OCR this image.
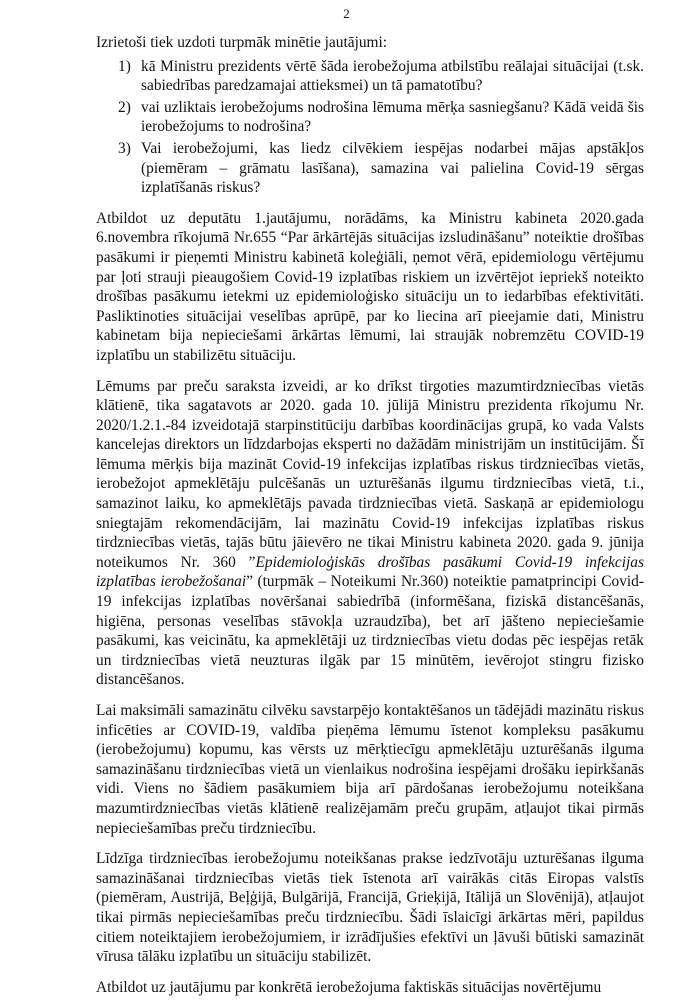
2

Izrietoši tiek uzdoti turpmāk minētie jautājumi:

1) kā Ministru prezidents vērtē šāda ierobežojuma atbilstību reālajai situācijai (t.sk. sabiedrības paredzamajai attieksmei) un tā pamatotību?
2) vai uzliktais ierobežojums nodrošina lēmuma mērķa sasniegšanu? Kādā veidā šis ierobežojums to nodrošina?
3) Vai ierobežojumi, kas liedz cilvēkiem iespējas nodarbei mājas apstākļos (piemēram – grāmatu lasīšana), samazina vai palielina Covid-19 sērgas izplatīšanās riskus?

Atbildot uz deputātu 1.jautājumu, norādāms, ka Ministru kabineta 2020.gada 6.novembra rīkojumā Nr.655 “Par ārkārtējās situācijas izsludināšanu” noteiktie drošības pasākumi ir pieņemti Ministru kabinetā koleģiāli, ņemot vērā, epidemiologu vērtējumu par ļoti strauji pieaugošiem Covid-19 izplatības riskiem un izvērtējot iepriekš noteikto drošības pasākumu ietekmi uz epidemioloģisko situāciju un to iedarbības efektivitāti. Pasliktinoties situācijai veselības aprūpē, par ko liecina arī pieejamie dati, Ministru kabinetam bija nepieciešami ārkārtas lēmumi, lai straujāk nobremzētu COVID-19 izplatību un stabilizētu situāciju.

Lēmums par preču saraksta izveidi, ar ko drīkst tirgoties mazumtirdzniecības vietās klātienē, tika sagatavots ar 2020. gada 10. jūlijā Ministru prezidenta rīkojumu Nr. 2020/1.2.1.-84 izveidotajā starpinstitūciju darbības koordinācijas grupā, ko vada Valsts kancelejas direktors un līdzdarbojas eksperti no dažādām ministrijām un institūcijām. Šī lēmuma mērķis bija mazināt Covid-19 infekcijas izplatības riskus tirdzniecības vietās, ierobežojot apmeklētāju pulcēšanās un uzturēšanās ilgumu tirdzniecības vietā, t.i., samazinot laiku, ko apmeklētājs pavada tirdzniecības vietā. Saskaņā ar epidemiologu sniegtajām rekomendācijām, lai mazinātu Covid-19 infekcijas izplatības riskus tirdzniecības vietās, tajās būtu jāievēro ne tikai Ministru kabineta 2020. gada 9. jūnija noteikumos Nr. 360 ”Epidemioloģiskās drošības pasākumi Covid-19 infekcijas izplatības ierobežošanai” (turpmāk – Noteikumi Nr.360) noteiktie pamatprincipi Covid-19 infekcijas izplatības novēršanai sabiedrībā (informēšana, fiziskā distancēšanās, higiēna, personas veselības stāvokļa uzraudzība), bet arī jāšteno nepieciešamie pasākumi, kas veicinātu, ka apmeklētāji uz tirdzniecības vietu dodas pēc iespējas retāk un tirdzniecības vietā neuzturas ilgāk par 15 minūtēm, ievērojot stingru fizisko distancēšanos.

Lai maksimāli samazinātu cilvēku savstarpējo kontaktēšanos un tādējādi mazinātu riskus inficēties ar COVID-19, valdība pieņēma lēmumu īstenot kompleksu pasākumu (ierobežojumu) kopumu, kas vērsts uz mērķtiecīgu apmeklētāju uzturēšanās ilguma samazināšanu tirdzniecības vietā un vienlaikus nodrošina iespējami drošāku iepirkšanās vidi. Viens no šādiem pasākumiem bija arī pārdošanas ierobežojumu noteikšana mazumtirdzniecības vietās klātienē realizējamām preču grupām, atļaujot tikai pirmās nepieciešamības preču tirdzniecību.

Līdzīga tirdzniecības ierobežojumu noteikšanas prakse iedzīvotāju uzturēšanas ilguma samazināšanai tirdzniecības vietās tiek īstenota arī vairākās citās Eiropas valstīs (piemēram, Austrijā, Beļģijā, Bulgārijā, Francijā, Grieķijā, Itālijā un Slovēnijā), atļaujot tikai pirmās nepieciešamības preču tirdzniecību. Šādi īslaicīgi ārkārtas mēri, papildus citiem noteiktajiem ierobežojumiem, ir izrādījušies efektīvi un ļāvuši būtiski samazināt vīrusa tālāku izplatību un situāciju stabilizēt.

Atbildot uz jautājumu par konkrētā ierobežojuma faktiskās situācijas novērtējumu
